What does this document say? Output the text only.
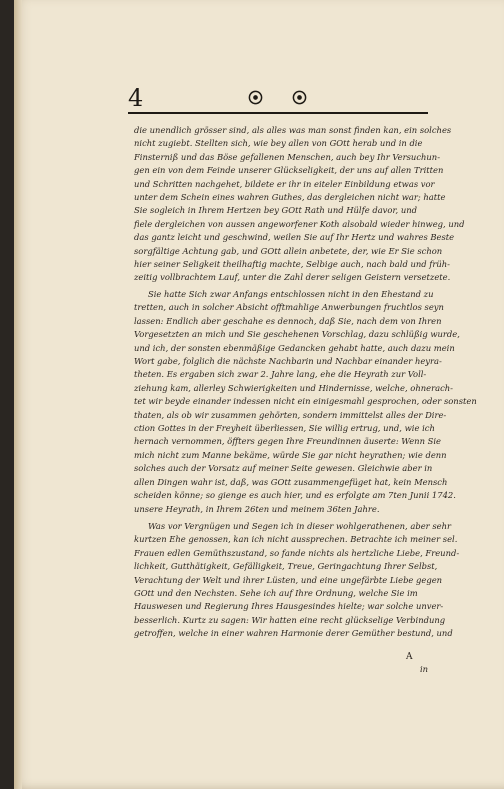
4
die unendlich grösser sind, als alles was man sonst finden kan, ein solches
nicht zugiebt. Stellten sich, wie bey allen von GOtt herab und in die
Finsterniß und das Böse gefallenen Menschen, auch bey Ihr Versuchun-
gen ein von dem Feinde unserer Glückseligkeit, der uns auf allen Tritten
und Schritten nachgehet, bildete er ihr in eiteler Einbildung etwas vor
unter dem Schein eines wahren Guthes, das dergleichen nicht war; hatte
Sie sogleich in Ihrem Hertzen bey GOtt Rath und Hülfe davor, und
fiele dergleichen von aussen angeworfener Koth alsobald wieder hinweg, und
das gantz leicht und geschwind, weilen Sie auf Ihr Hertz und wahres Beste
sorgfältige Achtung gab, und GOtt allein anbetete, der, wie Er Sie schon
hier seiner Seligkeit theilhaftig machte, Selbige auch, nach bald und früh-
zeitig vollbrachtem Lauf, unter die Zahl derer seligen Geistern versetzete.
Sie hatte Sich zwar Anfangs entschlossen nicht in den Ehestand zu
tretten, auch in solcher Absicht offtmahlige Anwerbungen fruchtlos seyn
lassen: Endlich aber geschahe es dennoch, daß Sie, nach dem von Ihren
Vorgesetzten an mich und Sie geschehenen Vorschlag, dazu schlüßig wurde,
und ich, der sonsten ebenmäßige Gedancken gehabt hatte, auch dazu mein
Wort gabe, folglich die nächste Nachbarin und Nachbar einander heyra-
theten. Es ergaben sich zwar 2. Jahre lang, ehe die Heyrath zur Voll-
ziehung kam, allerley Schwierigkeiten und Hindernisse, welche, ohnerach-
tet wir beyde einander indessen nicht ein einigesmahl gesprochen, oder sonsten
thaten, als ob wir zusammen gehörten, sondern immittelst alles der Dire-
ction Gottes in der Freyheit überliessen, Sie willig ertrug, und, wie ich
hernach vernommen, öffters gegen Ihre Freundinnen äuserte: Wenn Sie
mich nicht zum Manne bekäme, würde Sie gar nicht heyrathen; wie denn
solches auch der Vorsatz auf meiner Seite gewesen. Gleichwie aber in
allen Dingen wahr ist, daß, was GOtt zusammengefüget hat, kein Mensch
scheiden könne; so gienge es auch hier, und es erfolgte am 7ten Junii 1742.
unsere Heyrath, in Ihrem 26ten und meinem 36ten Jahre.
Was vor Vergnügen und Segen ich in dieser wohlgerathenen, aber sehr
kurtzen Ehe genossen, kan ich nicht aussprechen. Betrachte ich meiner sel.
Frauen edlen Gemüthszustand, so fande nichts als hertzliche Liebe, Freund-
lichkeit, Gutthätigkeit, Gefälligkeit, Treue, Geringachtung Ihrer Selbst,
Verachtung der Welt und ihrer Lüsten, und eine ungefärbte Liebe gegen
GOtt und den Nechsten. Sehe ich auf Ihre Ordnung, welche Sie im
Hauswesen und Regierung Ihres Hausgesindes hielte; war solche unver-
besserlich. Kurtz zu sagen: Wir hatten eine recht glückselige Verbindung
getroffen, welche in einer wahren Harmonie derer Gemüther bestund, und
A
in
